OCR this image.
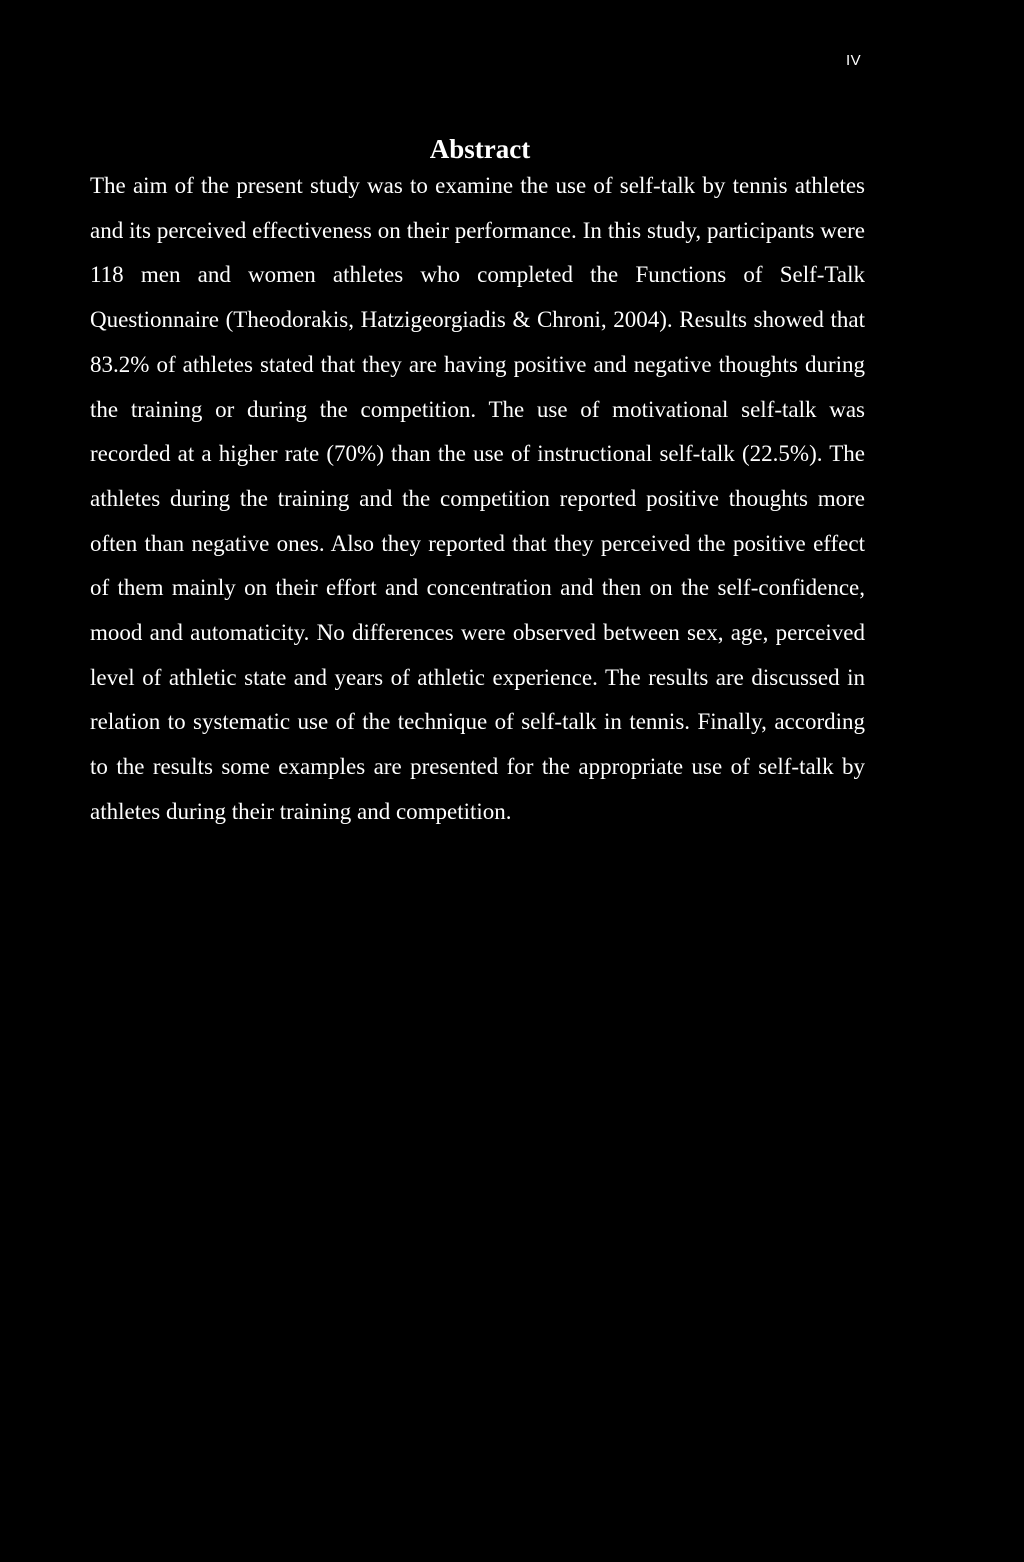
IV
Abstract

The aim of the present study was to examine the use of self-talk by tennis athletes and its perceived effectiveness on their performance. In this study, participants were 118 men and women athletes who completed the Functions of Self-Talk Questionnaire (Theodorakis, Hatzigeorgiadis & Chroni, 2004). Results showed that 83.2% of athletes stated that they are having positive and negative thoughts during the training or during the competition. The use of motivational self-talk was recorded at a higher rate (70%) than the use of instructional self-talk (22.5%). The athletes during the training and the competition reported positive thoughts more often than negative ones. Also they reported that they perceived the positive effect of them mainly on their effort and concentration and then on the self-confidence, mood and automaticity. No differences were observed between sex, age, perceived level of athletic state and years of athletic experience. The results are discussed in relation to systematic use of the technique of self-talk in tennis. Finally, according to the results some examples are presented for the appropriate use of self-talk by athletes during their training and competition.
